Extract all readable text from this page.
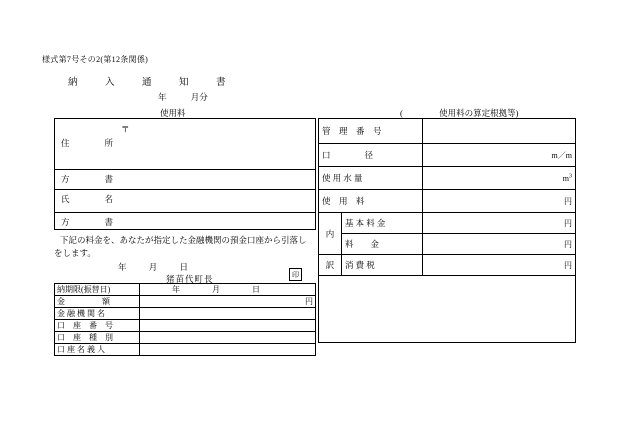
様式第7号その2(第12条関係)
納　入　通　知　書
年	月分
使用料	(	使用料の算定根拠等)
〒
住　　所
方　　書
氏　　名
方　　書
下記の料金を、あなたが指定した金融機関の預金口座から引落し
をします。
年	月	日
猪苗代町長	印
納期限(振替日)	年 月 日
金　　　　額	円

金 融 機 関 名	
口　座　番　号	
口　座　種　別	
口 座 名 義 人	
管　理　番　号		
口　　　　径		m／m
使 用 水 量		$m^3$
使　用　料		円
内	基 本 料 金	円
	料　　金	円
訳	消 費 税	円
